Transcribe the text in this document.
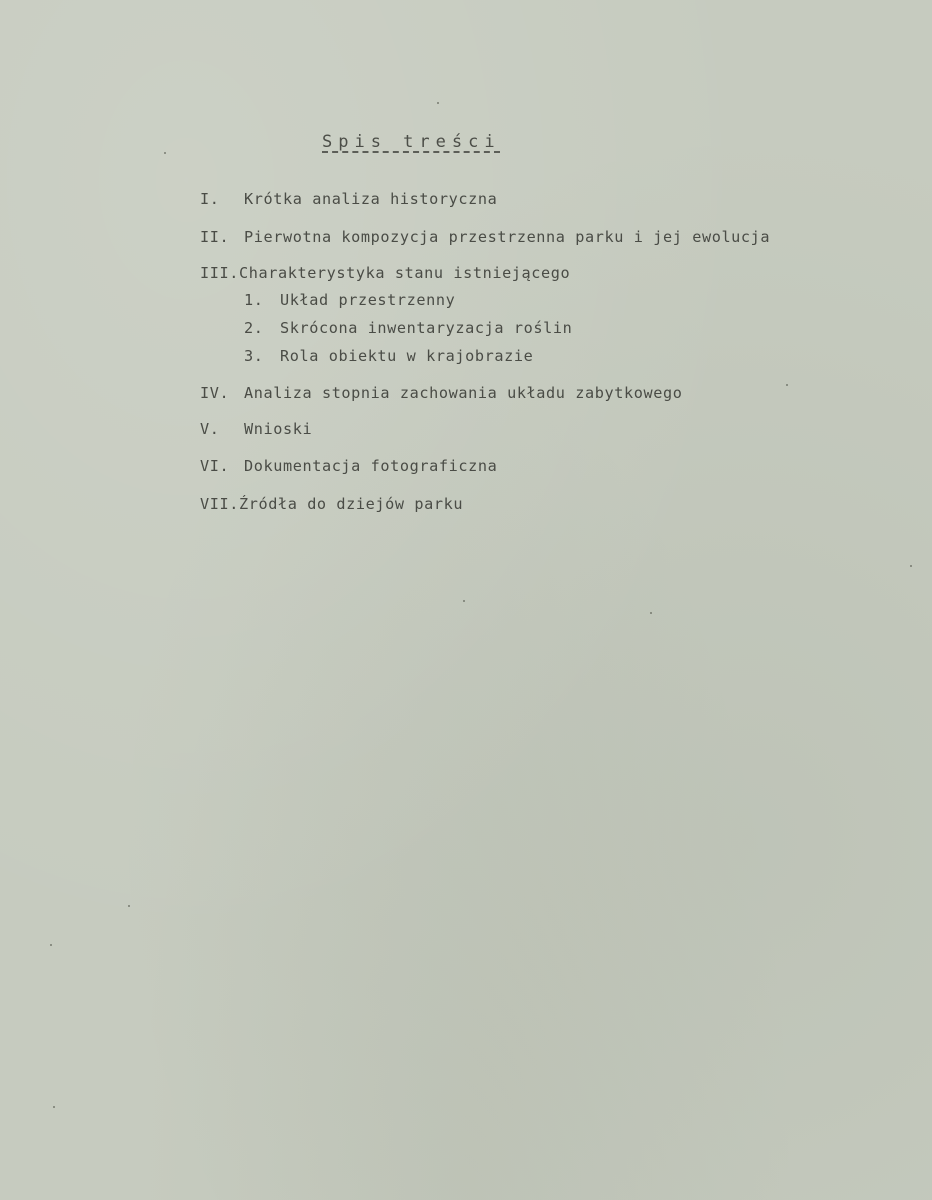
Spis treści
I. Krótka analiza historyczna
II. Pierwotna kompozycja przestrzenna parku i jej ewolucja
III.Charakterystyka stanu istniejącego
1. Układ przestrzenny
2. Skrócona inwentaryzacja roślin
3. Rola obiektu w krajobrazie
IV. Analiza stopnia zachowania układu zabytkowego
V. Wnioski
VI. Dokumentacja fotograficzna
VII.Źródła do dziejów parku
